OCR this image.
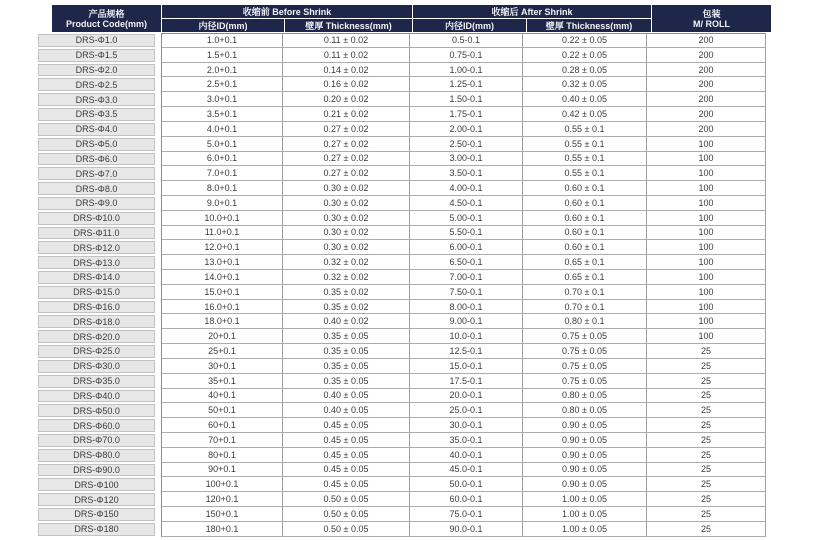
产品规格
Product Code(mm)
收缩前 Before Shrink	收缩后 After Shrink	包装
M/ ROLL
内径ID(mm)	壁厚 Thickness(mm)	内径ID(mm)	壁厚 Thickness(mm)
DRS-Φ1.0	1.0+0.1	0.11 ± 0.02	0.5-0.1	0.22 ± 0.05	200
DRS-Φ1.5	1.5+0.1	0.11 ± 0.02	0.75-0.1	0.22 ± 0.05	200
DRS-Φ2.0	2.0+0.1	0.14 ± 0.02	1.00-0.1	0.28 ± 0.05	200
DRS-Φ2.5	2.5+0.1	0.16 ± 0.02	1.25-0.1	0.32 ± 0.05	200
DRS-Φ3.0	3.0+0.1	0.20 ± 0.02	1.50-0.1	0.40 ± 0.05	200
DRS-Φ3.5	3.5+0.1	0.21 ± 0.02	1.75-0.1	0.42 ± 0.05	200
DRS-Φ4.0	4.0+0.1	0.27 ± 0.02	2.00-0.1	0.55 ± 0.1	200
DRS-Φ5.0	5.0+0.1	0.27 ± 0.02	2.50-0.1	0.55 ± 0.1	100
DRS-Φ6.0	6.0+0.1	0.27 ± 0.02	3.00-0.1	0.55 ± 0.1	100
DRS-Φ7.0	7.0+0.1	0.27 ± 0.02	3.50-0.1	0.55 ± 0.1	100
DRS-Φ8.0	8.0+0.1	0.30 ± 0.02	4.00-0.1	0.60 ± 0.1	100
DRS-Φ9.0	9.0+0.1	0.30 ± 0.02	4.50-0.1	0.60 ± 0.1	100
DRS-Φ10.0	10.0+0.1	0.30 ± 0.02	5.00-0.1	0.60 ± 0.1	100
DRS-Φ11.0	11.0+0.1	0.30 ± 0.02	5.50-0.1	0.60 ± 0.1	100
DRS-Φ12.0	12.0+0.1	0.30 ± 0.02	6.00-0.1	0.60 ± 0.1	100
DRS-Φ13.0	13.0+0.1	0.32 ± 0.02	6.50-0.1	0.65 ± 0.1	100
DRS-Φ14.0	14.0+0.1	0.32 ± 0.02	7.00-0.1	0.65 ± 0.1	100
DRS-Φ15.0	15.0+0.1	0.35 ± 0.02	7.50-0.1	0.70 ± 0.1	100
DRS-Φ16.0	16.0+0.1	0.35 ± 0.02	8.00-0.1	0.70 ± 0.1	100
DRS-Φ18.0	18.0+0.1	0.40 ± 0.02	9.00-0.1	0.80 ± 0.1	100
DRS-Φ20.0	20+0.1	0.35 ± 0.05	10.0-0.1	0.75 ± 0.05	100
DRS-Φ25.0	25+0.1	0.35 ± 0.05	12.5-0.1	0.75 ± 0.05	25
DRS-Φ30.0	30+0.1	0.35 ± 0.05	15.0-0.1	0.75 ± 0.05	25
DRS-Φ35.0	35+0.1	0.35 ± 0.05	17.5-0.1	0.75 ± 0.05	25
DRS-Φ40.0	40+0.1	0.40 ± 0.05	20.0-0.1	0.80 ± 0.05	25
DRS-Φ50.0	50+0.1	0.40 ± 0.05	25.0-0.1	0.80 ± 0.05	25
DRS-Φ60.0	60+0.1	0.45 ± 0.05	30.0-0.1	0.90 ± 0.05	25
DRS-Φ70.0	70+0.1	0.45 ± 0.05	35.0-0.1	0.90 ± 0.05	25
DRS-Φ80.0	80+0.1	0.45 ± 0.05	40.0-0.1	0.90 ± 0.05	25
DRS-Φ90.0	90+0.1	0.45 ± 0.05	45.0-0.1	0.90 ± 0.05	25
DRS-Φ100	100+0.1	0.45 ± 0.05	50.0-0.1	0.90 ± 0.05	25
DRS-Φ120	120+0.1	0.50 ± 0.05	60.0-0.1	1.00 ± 0.05	25
DRS-Φ150	150+0.1	0.50 ± 0.05	75.0-0.1	1.00 ± 0.05	25
DRS-Φ180	180+0.1	0.50 ± 0.05	90.0-0.1	1.00 ± 0.05	25
